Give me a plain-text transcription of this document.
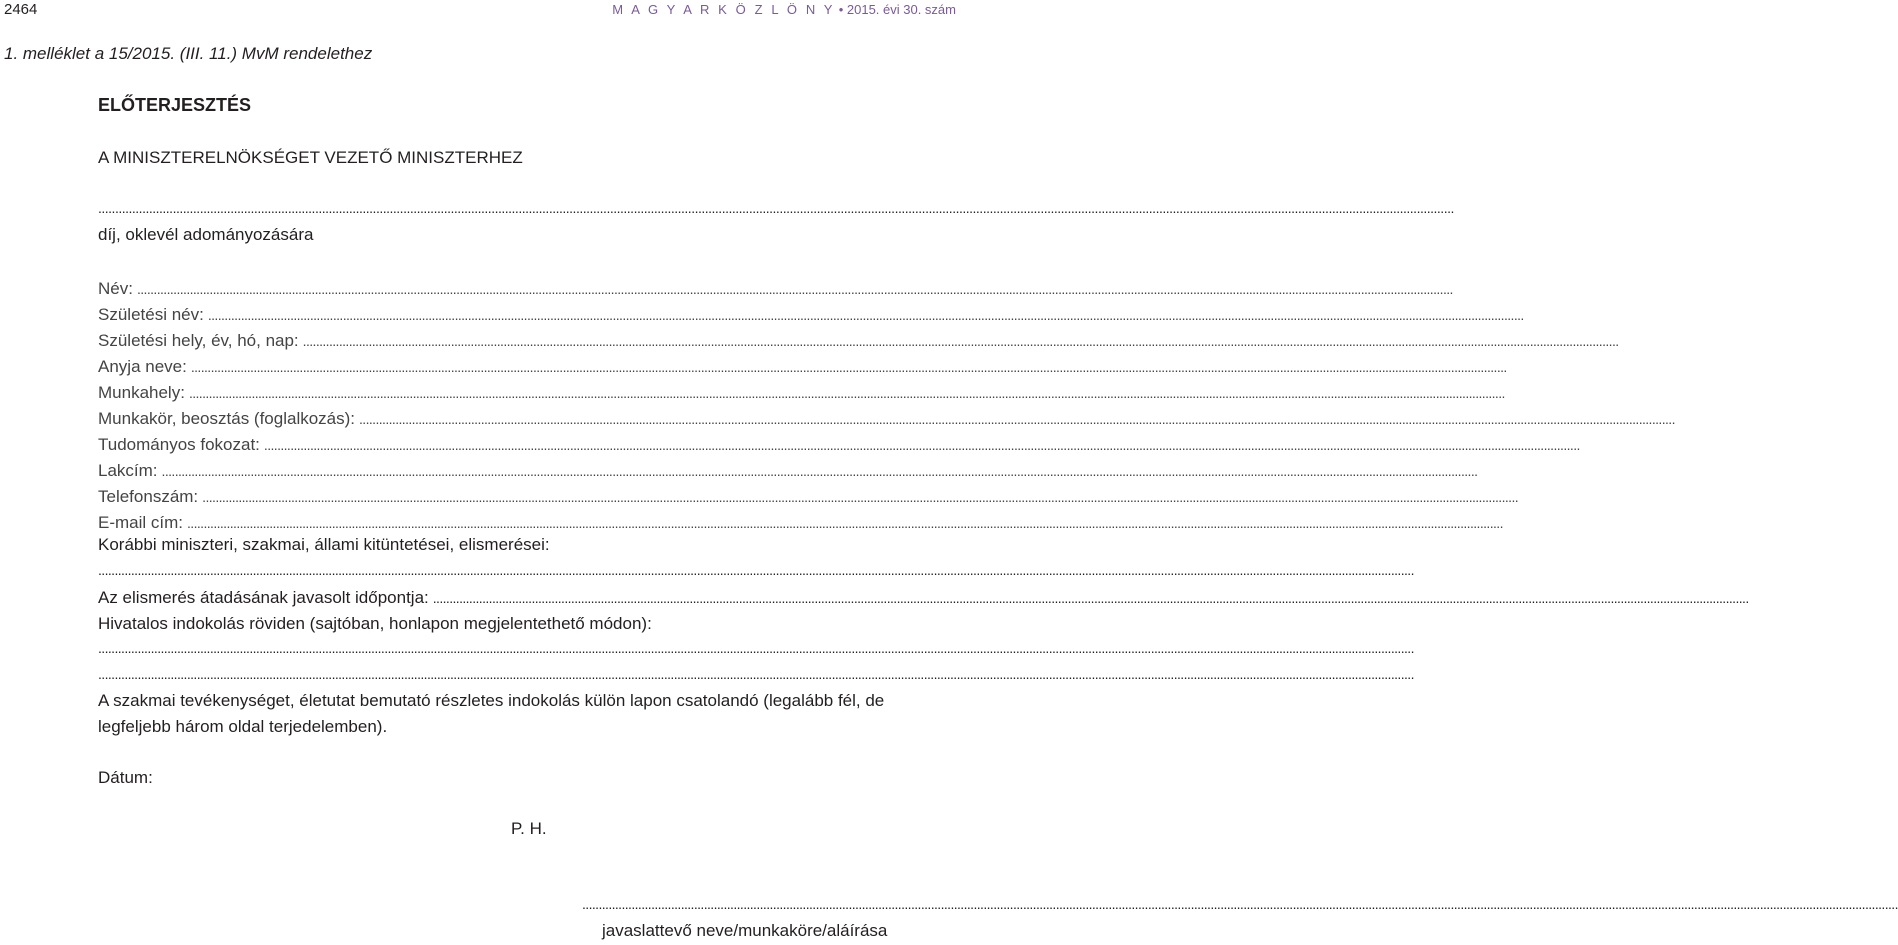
2464	M A G Y A R K Ö Z L Ö N Y • 2015. évi 30. szám
1. melléklet a 15/2015. (III. 11.) MvM rendelethez
ELŐTERJESZTÉS
A MINISZTERELNÖKSÉGET VEZETŐ MINISZTERHEZ
................................................................................................................................................................................................................................................................................................................................................................................................................
díj, oklevél adományozására
Név: ................................................................................................................................................................................................................................................................................................................................................................................................................
Születési név: ................................................................................................................................................................................................................................................................................................................................................................................................................
Születési hely, év, hó, nap: ................................................................................................................................................................................................................................................................................................................................................................................................................
Anyja neve: ................................................................................................................................................................................................................................................................................................................................................................................................................
Munkahely: ................................................................................................................................................................................................................................................................................................................................................................................................................
Munkakör, beosztás (foglalkozás): ................................................................................................................................................................................................................................................................................................................................................................................................................
Tudományos fokozat: ................................................................................................................................................................................................................................................................................................................................................................................................................
Lakcím: ................................................................................................................................................................................................................................................................................................................................................................................................................
Telefonszám: ................................................................................................................................................................................................................................................................................................................................................................................................................
E-mail cím: ................................................................................................................................................................................................................................................................................................................................................................................................................
Korábbi miniszteri, szakmai, állami kitüntetései, elismerései:
................................................................................................................................................................................................................................................................................................................................................................................................................
Az elismerés átadásának javasolt időpontja: ................................................................................................................................................................................................................................................................................................................................................................................................................
Hivatalos indokolás röviden (sajtóban, honlapon megjelentethető módon):
................................................................................................................................................................................................................................................................................................................................................................................................................
................................................................................................................................................................................................................................................................................................................................................................................................................
A szakmai tevékenységet, életutat bemutató részletes indokolás külön lapon csatolandó (legalább fél, de legfeljebb három oldal terjedelemben).
Dátum:
P. H.
................................................................................................................................................................................................................................................................................................................................................................................................................
javaslattevő neve/munkaköre/aláírása
